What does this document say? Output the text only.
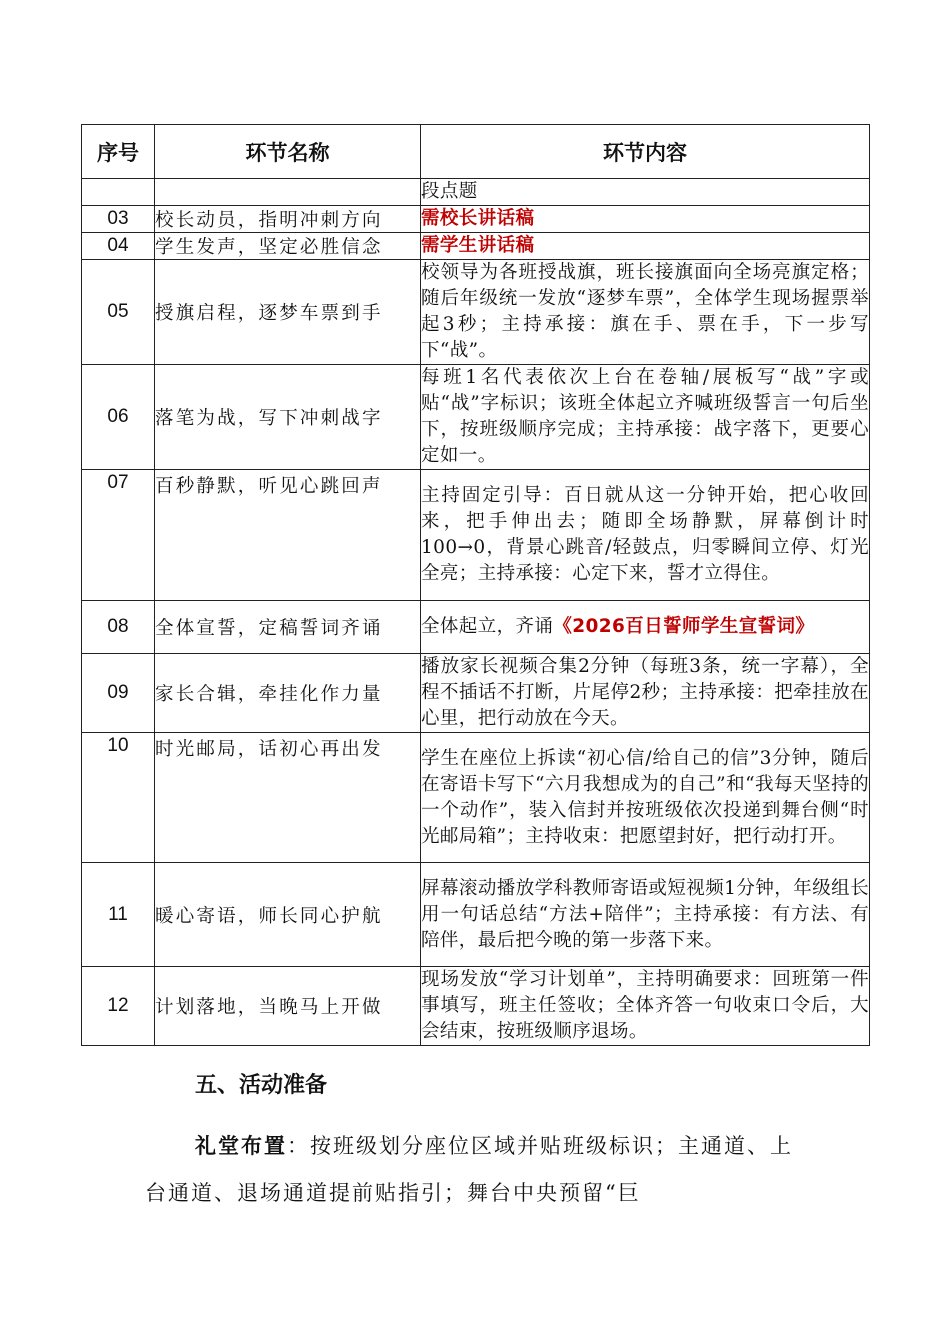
序号	环节名称	环节内容
		段点题
03	校长动员，指明冲刺方向	需校长讲话稿
04	学生发声，坚定必胜信念	需学生讲话稿
05	授旗启程，逐梦车票到手	校领导为各班授战旗，班长接旗面向全场亮旗定格；随后年级统一发放“逐梦车票”，全体学生现场握票举起3秒；主持承接：旗在手、票在手，下一步写下“战”。
06	落笔为战，写下冲刺战字	每班1名代表依次上台在卷轴/展板写“战”字或贴“战”字标识；该班全体起立齐喊班级誓言一句后坐下，按班级顺序完成；主持承接：战字落下，更要心定如一。
07	百秒静默，听见心跳回声	主持固定引导：百日就从这一分钟开始，把心收回来，把手伸出去；随即全场静默，屏幕倒计时100→0，背景心跳音/轻鼓点，归零瞬间立停、灯光全亮；主持承接：心定下来，誓才立得住。
08	全体宣誓，定稿誓词齐诵	全体起立，齐诵《2026百日誓师学生宣誓词》
09	家长合辑，牵挂化作力量	播放家长视频合集2分钟（每班3条，统一字幕），全程不插话不打断，片尾停2秒；主持承接：把牵挂放在心里，把行动放在今天。
10	时光邮局，话初心再出发	学生在座位上拆读“初心信/给自己的信”3分钟，随后在寄语卡写下“六月我想成为的自己”和“我每天坚持的一个动作”，装入信封并按班级依次投递到舞台侧“时光邮局箱”；主持收束：把愿望封好，把行动打开。
11	暖心寄语，师长同心护航	屏幕滚动播放学科教师寄语或短视频1分钟，年级组长用一句话总结“方法+陪伴”；主持承接：有方法、有陪伴，最后把今晚的第一步落下来。
12	计划落地，当晚马上开做	现场发放“学习计划单”，主持明确要求：回班第一件事填写，班主任签收；全体齐答一句收束口令后，大会结束，按班级顺序退场。
五、活动准备
礼堂布置：按班级划分座位区域并贴班级标识；主通道、上台通道、退场通道提前贴指引；舞台中央预留“巨
